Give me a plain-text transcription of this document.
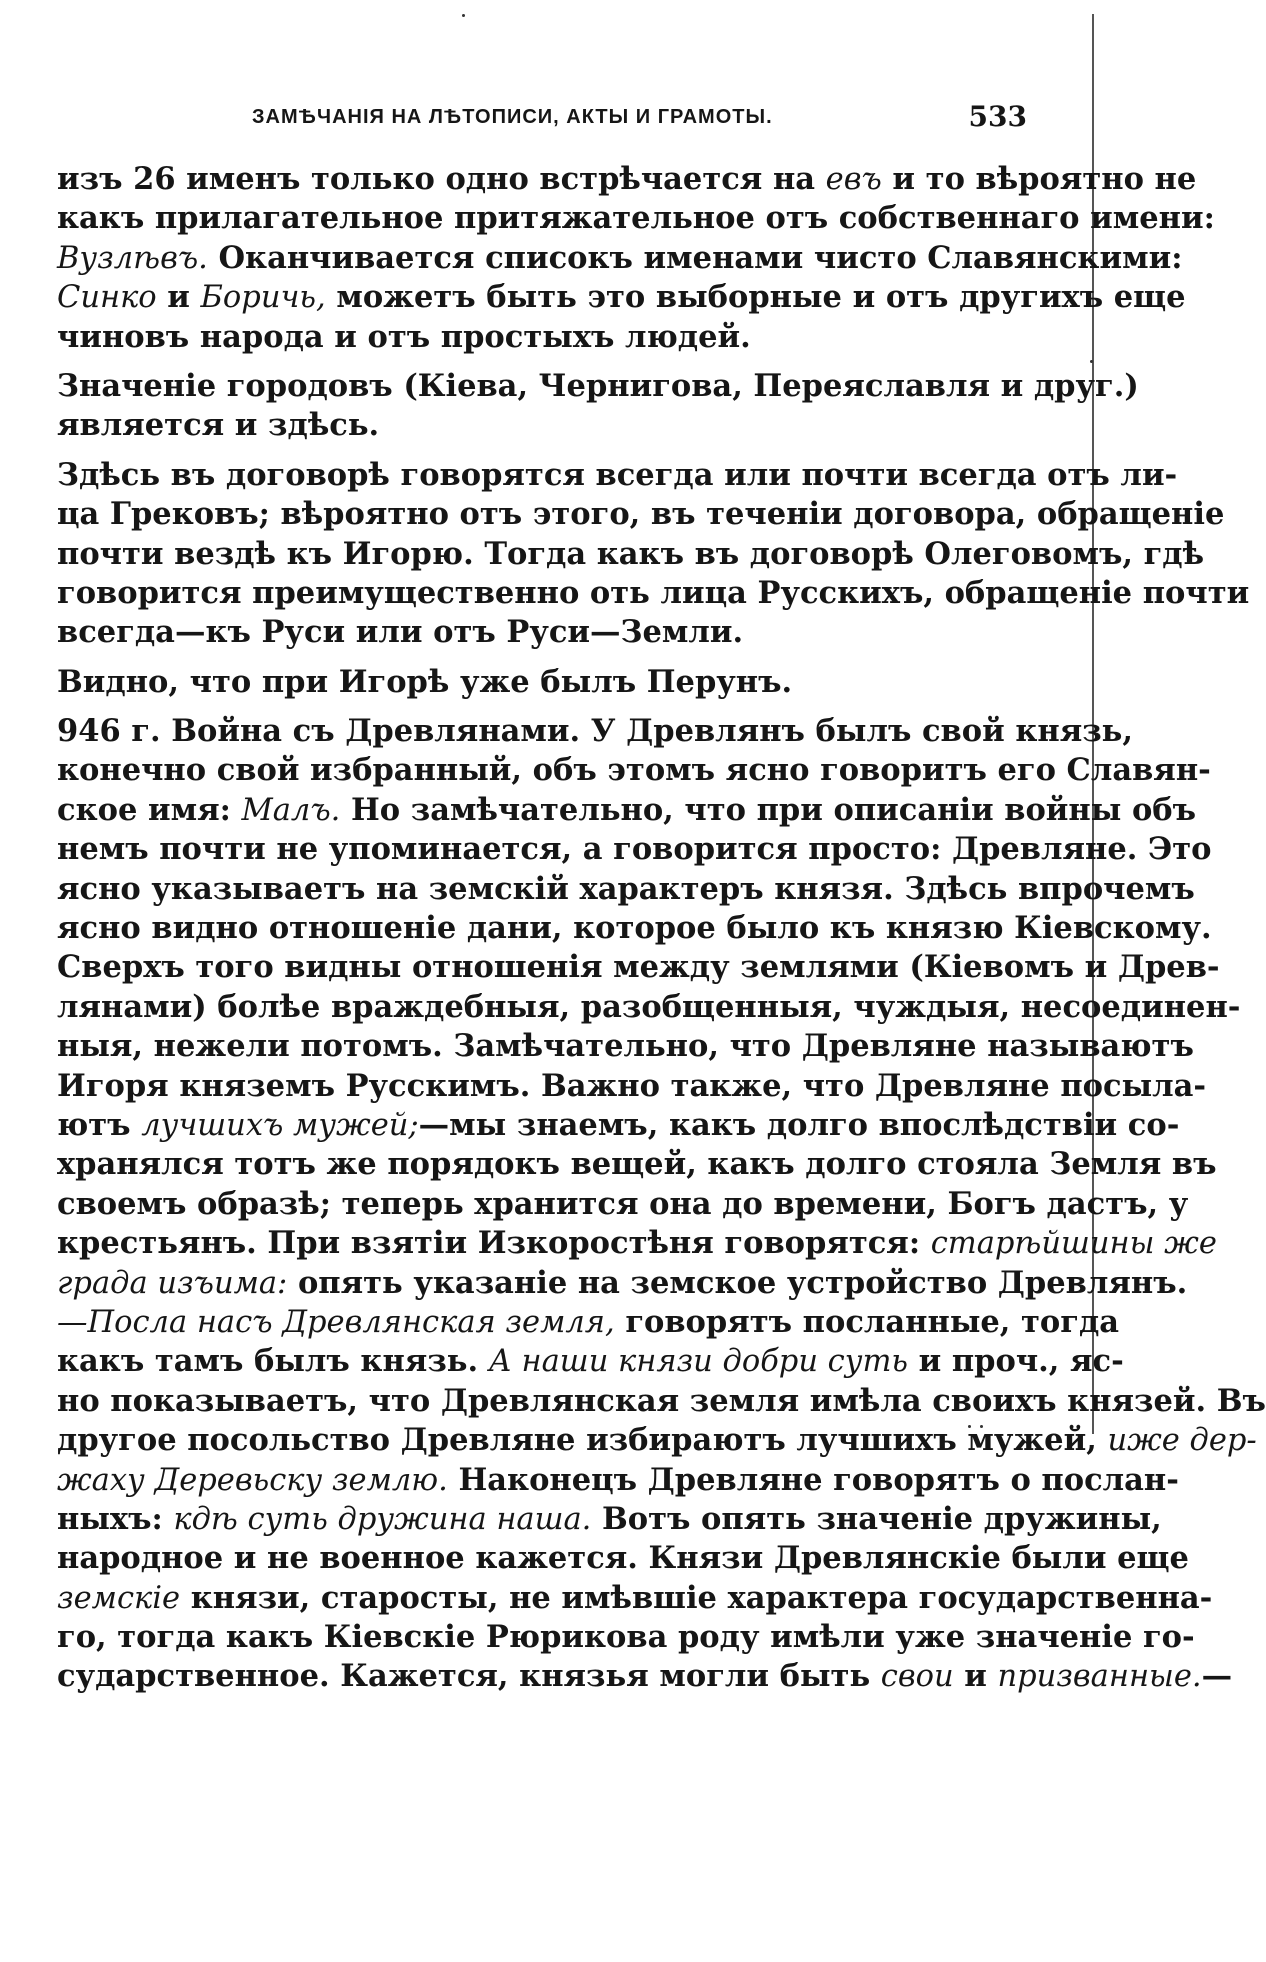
ЗАМѢЧАНІЯ НА ЛѢТОПИСИ, АКТЫ И ГРАМОТЫ.	533
изъ 26 именъ только одно встрѣчается на евъ и то вѣроятно не
какъ прилагательное притяжательное отъ собственнаго имени:
Вузлѣвъ. Оканчивается списокъ именами чисто Славянскими:
Синко и Боричь, можетъ быть это выборные и отъ другихъ еще
чиновъ народа и отъ простыхъ людей.
Значеніе городовъ (Кіева, Чернигова, Переяславля и друг.)
является и здѣсь.
Здѣсь въ договорѣ говорятся всегда или почти всегда отъ ли-
ца Грековъ; вѣроятно отъ этого, въ теченіи договора, обращеніе
почти вездѣ къ Игорю. Тогда какъ въ договорѣ Олеговомъ, гдѣ
говорится преимущественно оть лица Русскихъ, обращеніе почти
всегда—къ Руси или отъ Руси—Земли.
Видно, что при Игорѣ уже былъ Перунъ.
946 г. Война съ Древлянами. У Древлянъ былъ свой князь,
конечно свой избранный, объ этомъ ясно говоритъ его Славян-
ское имя: Малъ. Но замѣчательно, что при описаніи войны объ
немъ почти не упоминается, а говорится просто: Древляне. Это
ясно указываетъ на земскій характеръ князя. Здѣсь впрочемъ
ясно видно отношеніе дани, которое было къ князю Кіевскому.
Сверхъ того видны отношенія между землями (Кіевомъ и Древ-
лянами) болѣе враждебныя, разобщенныя, чуждыя, несоединен-
ныя, нежели потомъ. Замѣчательно, что Древляне называютъ
Игоря княземъ Русскимъ. Важно также, что Древляне посыла-
ютъ лучшихъ мужей;—мы знаемъ, какъ долго впослѣдствіи со-
хранялся тотъ же порядокъ вещей, какъ долго стояла Земля въ
своемъ образѣ; теперь хранится она до времени, Богъ дастъ, у
крестьянъ. При взятіи Изкоростѣня говорятся: старѣйшины же
града изъима: опять указаніе на земское устройство Древлянъ.
—Посла насъ Древлянская земля, говорятъ посланные, тогда
какъ тамъ былъ князь. А наши князи добри суть и проч., яс-
но показываетъ, что Древлянская земля имѣла своихъ князей. Въ
другое посольство Древляне избираютъ лучшихъ мужей, иже дер-
жаху Деревьску землю. Наконецъ Древляне говорятъ о послан-
ныхъ: кдѣ суть дружина наша. Вотъ опять значеніе дружины,
народное и не военное кажется. Князи Древлянскіе были еще
земскіе князи, старосты, не имѣвшіе характера государственна-
го, тогда какъ Кіевскіе Рюрикова роду имѣли уже значеніе го-
сударственное. Кажется, князья могли быть свои и призванные.—
